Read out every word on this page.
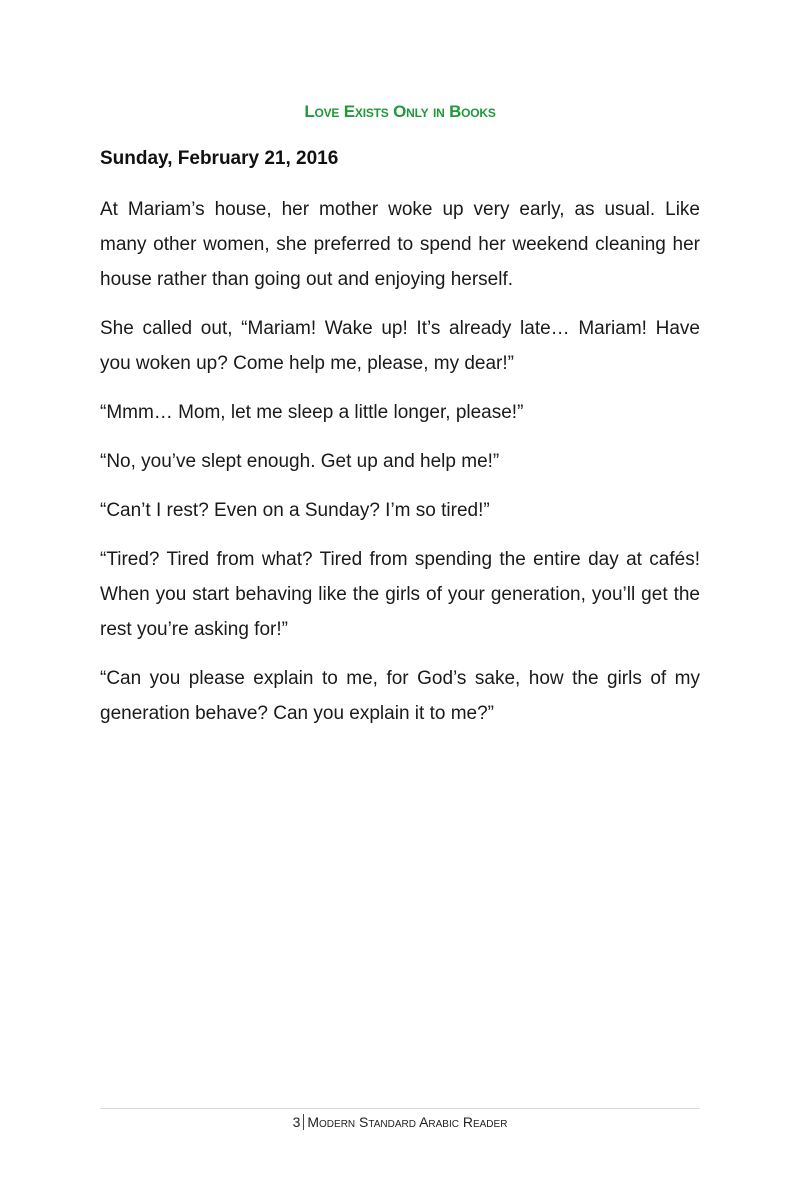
Love Exists Only in Books
Sunday, February 21, 2016

At Mariam’s house, her mother woke up very early, as usual. Like many other women, she preferred to spend her weekend cleaning her house rather than going out and enjoying herself.

She called out, “Mariam! Wake up! It’s already late… Mariam! Have you woken up? Come help me, please, my dear!”

“Mmm… Mom, let me sleep a little longer, please!”

“No, you’ve slept enough. Get up and help me!”

“Can’t I rest? Even on a Sunday? I’m so tired!”

“Tired? Tired from what? Tired from spending the entire day at cafés! When you start behaving like the girls of your generation, you’ll get the rest you’re asking for!”

“Can you please explain to me, for God’s sake, how the girls of my generation behave? Can you explain it to me?”

3 Modern Standard Arabic Reader
